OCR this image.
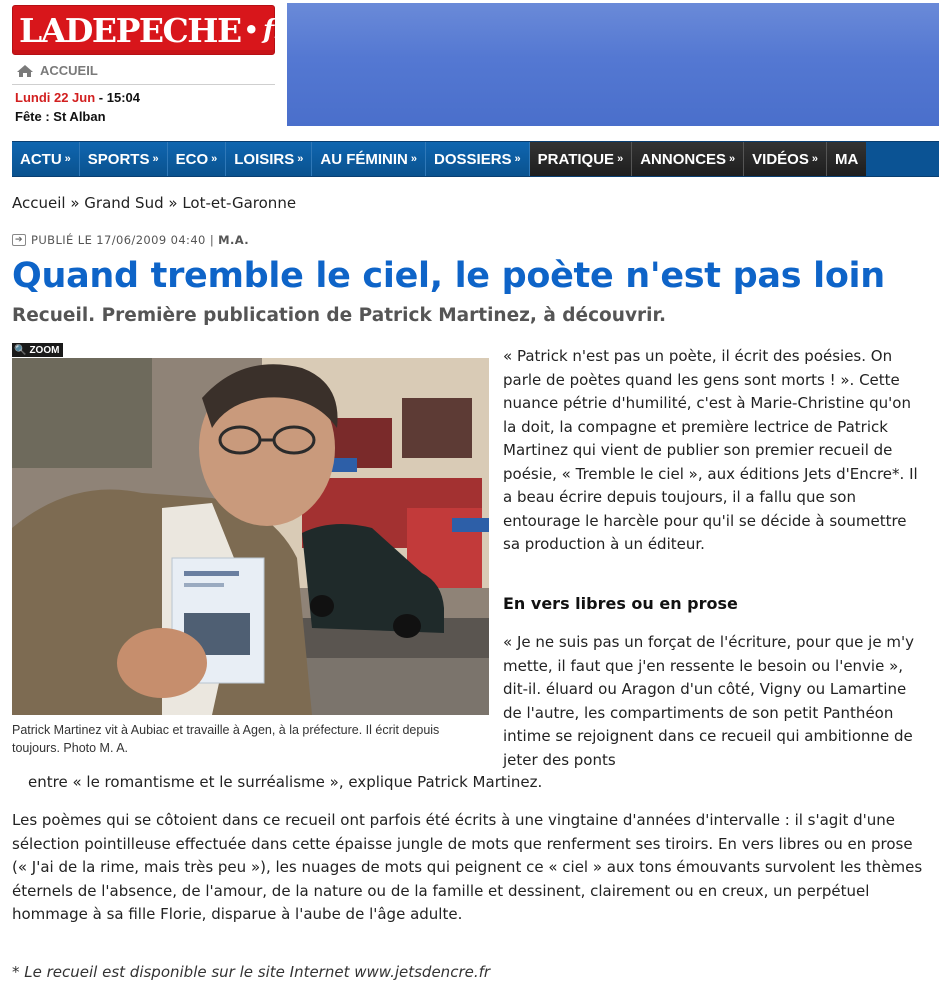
LADEPECHE • fr
ACCUEIL
Lundi 22 Jun - 15:04
Fête : St Alban
ACTU » SPORTS » ECO » LOISIRS » AU FÉMININ » DOSSIERS » PRATIQUE » ANNONCES » VIDÉOS » MA
Accueil » Grand Sud » Lot-et-Garonne
➔ PUBLIÉ LE 17/06/2009 04:40 | M.A.
Quand tremble le ciel, le poète n'est pas loin
Recueil. Première publication de Patrick Martinez, à découvrir.
🔍 ZOOM
Patrick Martinez vit à Aubiac et travaille à Agen, à la préfecture. Il écrit depuis toujours. Photo M. A.

« Patrick n'est pas un poète, il écrit des poésies. On parle de poètes quand les gens sont morts ! ». Cette nuance pétrie d'humilité, c'est à Marie-Christine qu'on la doit, la compagne et première lectrice de Patrick Martinez qui vient de publier son premier recueil de poésie, « Tremble le ciel », aux éditions Jets d'Encre*. Il a beau écrire depuis toujours, il a fallu que son entourage le harcèle pour qu'il se décide à soumettre sa production à un éditeur.

En vers libres ou en prose

« Je ne suis pas un forçat de l'écriture, pour que je m'y mette, il faut que j'en ressente le besoin ou l'envie », dit-il. éluard ou Aragon d'un côté, Vigny ou Lamartine de l'autre, les compartiments de son petit Panthéon intime se rejoignent dans ce recueil qui ambitionne de jeter des ponts

entre « le romantisme et le surréalisme », explique Patrick Martinez.

Les poèmes qui se côtoient dans ce recueil ont parfois été écrits à une vingtaine d'années d'intervalle : il s'agit d'une sélection pointilleuse effectuée dans cette épaisse jungle de mots que renferment ses tiroirs. En vers libres ou en prose (« J'ai de la rime, mais très peu »), les nuages de mots qui peignent ce « ciel » aux tons émouvants survolent les thèmes éternels de l'absence, de l'amour, de la nature ou de la famille et dessinent, clairement ou en creux, un perpétuel hommage à sa fille Florie, disparue à l'aube de l'âge adulte.

* Le recueil est disponible sur le site Internet www.jetsdencre.fr
